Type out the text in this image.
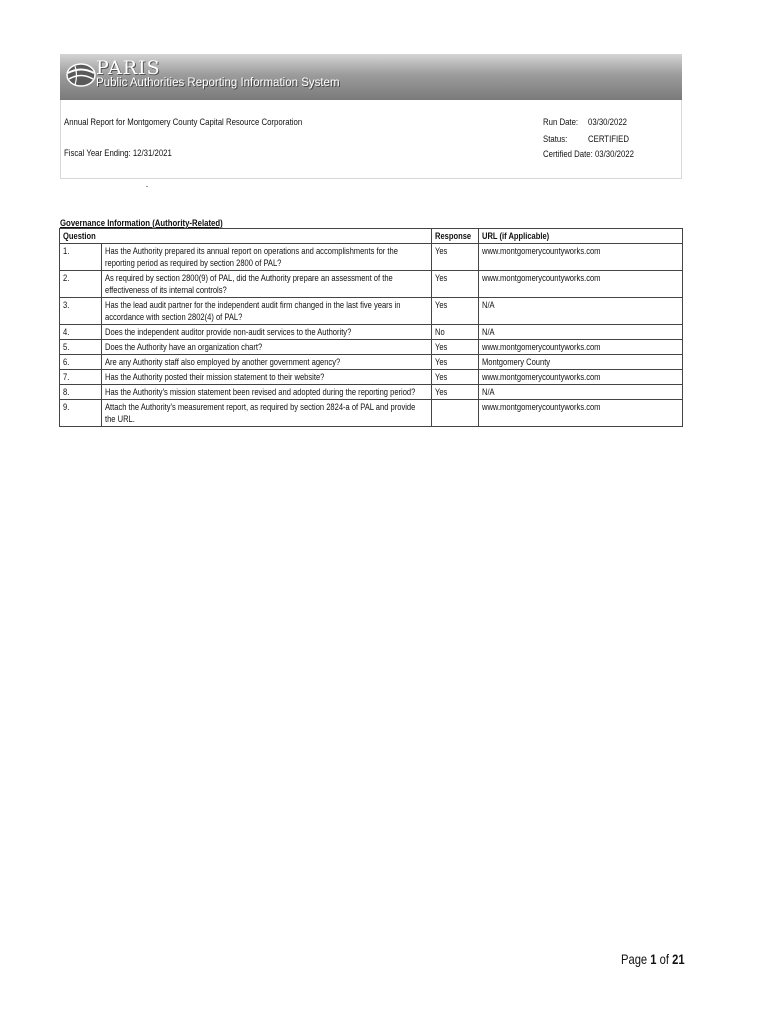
PARIS
Public Authorities Reporting Information System
Annual Report for Montgomery County Capital Resource Corporation
Fiscal Year Ending: 12/31/2021
Run Date: 03/30/2022
Status: CERTIFIED
Certified Date: 03/30/2022
Governance Information (Authority-Related)
Question		Response	URL (if Applicable)
1.	Has the Authority prepared its annual report on operations and accomplishments for the reporting period as required by section 2800 of PAL?	Yes	www.montgomerycountyworks.com
2.	As required by section 2800(9) of PAL, did the Authority prepare an assessment of the effectiveness of its internal controls?	Yes	www.montgomerycountyworks.com
3.	Has the lead audit partner for the independent audit firm changed in the last five years in accordance with section 2802(4) of PAL?	Yes	N/A
4.	Does the independent auditor provide non-audit services to the Authority?	No	N/A
5.	Does the Authority have an organization chart?	Yes	www.montgomerycountyworks.com
6.	Are any Authority staff also employed by another government agency?	Yes	Montgomery County
7.	Has the Authority posted their mission statement to their website?	Yes	www.montgomerycountyworks.com
8.	Has the Authority's mission statement been revised and adopted during the reporting period?	Yes	N/A
9.	Attach the Authority's measurement report, as required by section 2824-a of PAL and provide the URL.		www.montgomerycountyworks.com
Page 1 of 21
